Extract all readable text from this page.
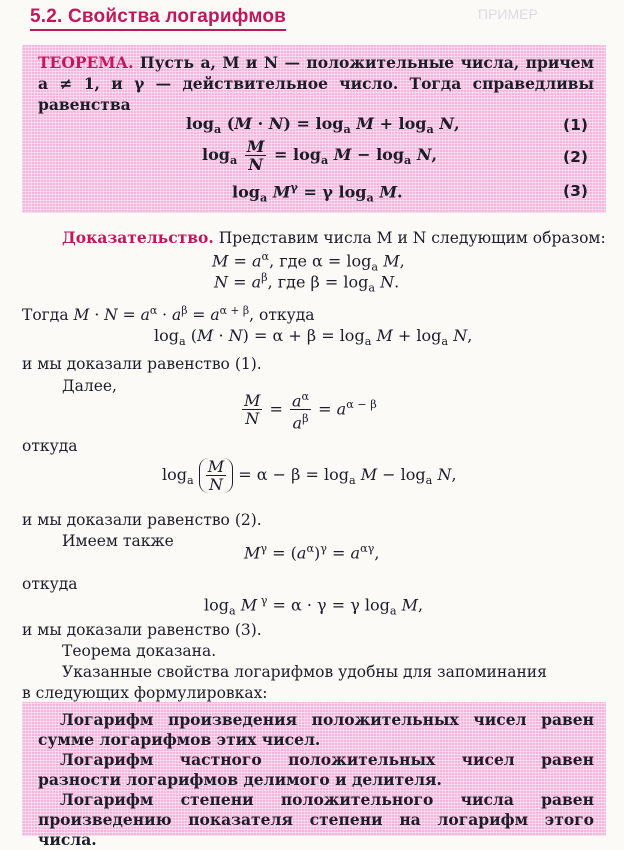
5.2. Свойства логарифмов	ПРИМЕР
ТЕОРЕМА. Пусть a, M и N — положительные числа, причем a ≠ 1, и γ — действительное число. Тогда справедливы равенства
$\log_a (M \cdot N) = \log_a M + \log_a N$,	(1)
$\log_a \frac{M}{N} = \log_a M - \log_a N$,	(2)
$\log_a M^\gamma = \gamma$ $\log_a M$.	(3)
Доказательство. Представим числа M и N следующим образом:
$M = a^\alpha$, где $\alpha = \log_a M$,
$N = a^\beta$, где $\beta = \log_a N$.
Тогда $M \cdot N = a^\alpha \cdot a^\beta = a^{\alpha + \beta}$, откуда
$\log_a (M \cdot N) = \alpha + \beta = \log_a M + \log_a N$,
и мы доказали равенство (1).
Далее,
$\frac{M}{N} = \frac{a^\alpha}{a^\beta} = a^{\alpha - \beta}$
откуда
$\log_a \frac{M}{N} = \alpha - \beta = \log_a M - \log_a N$,
и мы доказали равенство (2).
Имеем также
$M^\gamma = (a^\alpha)^\gamma = a^{\alpha\gamma}$,
откуда
$\log_a M$ $^\gamma$ = α · γ = γ $\log_a M$,
и мы доказали равенство (3).
Теорема доказана.
Указанные свойства логарифмов удобны для запоминания
в следующих формулировках:

Логарифм произведения положительных чисел равен сумме логарифмов этих чисел.

Логарифм частного положительных чисел равен разности логарифмов делимого и делителя.

Логарифм степени положительного числа равен произведению показателя степени на логарифм этого числа.
